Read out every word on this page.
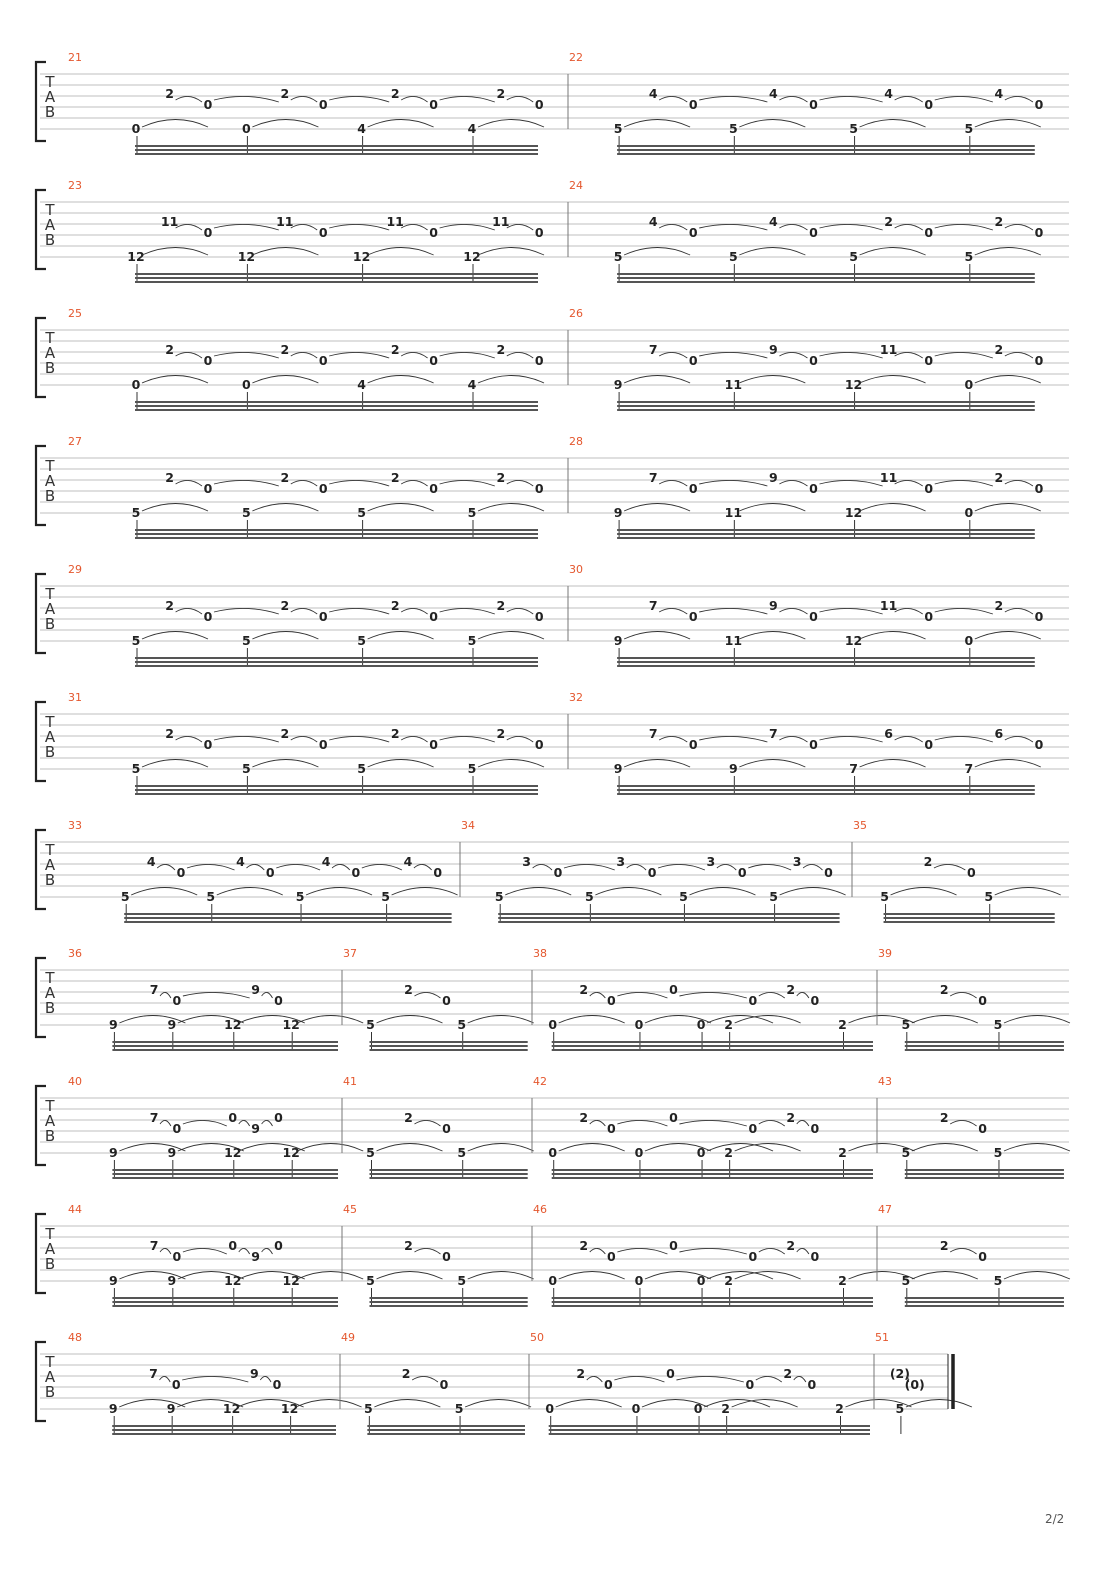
T
A
B
21
2
0
2
0
2
0
2
0
0	0	4	4
22
4
0
4
0
4
0
4
0
5	5	5	5
T
A
B
23
11
0
11
0
11
0
11
0
12	12	12	12
24
4
0
4
0
2
0
2
0
5	5	5	5
T
A
B
25
2
0
2
0
2
0
2
0
0	0	4	4
26
7
0
9
0
11
0
2
0
9	11	12	0
T
A
B
27
2
0
2
0
2
0
2
0
5	5	5	5
28
7
0
9
0
11
0
2
0
9	11	12	0
T
A
B
29
2
0
2
0
2
0
2
0
5	5	5	5
30
7
0
9
0
11
0
2
0
9	11	12	0
T
A
B
31
2
0
2
0
2
0
2
0
5	5	5	5
32
7
0
7
0
6
0
6
0
9	9	7	7
T
A
B
33
4
0
4
0
4
0
4
0
5	5	5	5
34
3
0
3
0
3
0
3
0
5	5	5	5
35
2
0
5	5
T
A
B
36
7
0
9
0
9	9	12	12
37
2
0
5	5
38
2
0
0
0
2
0
0	0	0 2	2
39
2
0
5	5
T
A
B
40
7
0
0
9
0
9	9	12	12
41
2
0
5	5
42
2
0
0
0
2
0
0	0	0 2	2
43
2
0
5	5
T
A
B
44
7
0
0
9
0
9	9	12	12
45
2
0
5	5
46
2
0
0
0
2
0
0	0	0 2	2
47
2
0
5	5
T
A
B
48
7
0
9
0
9	9	12	12
49
2
0
5	5
50
2
0
0
0
2
0
0	0	0 2	2
51
(2)
(0)
5
2/2
